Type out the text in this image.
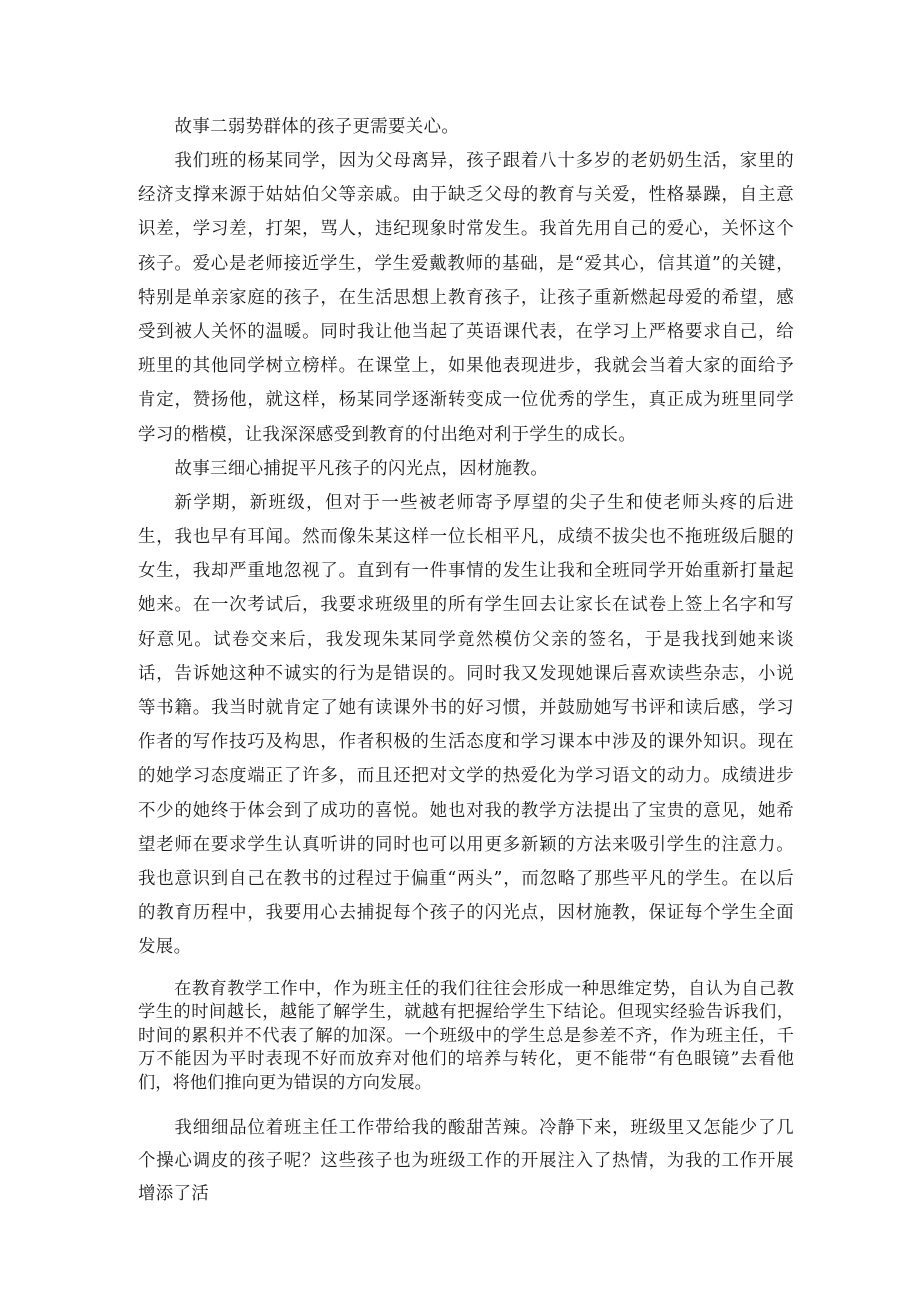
故事二弱势群体的孩子更需要关心。

我们班的杨某同学，因为父母离异，孩子跟着八十多岁的老奶奶生活，家里的经济支撑来源于姑姑伯父等亲戚。由于缺乏父母的教育与关爱，性格暴躁，自主意识差，学习差，打架，骂人，违纪现象时常发生。我首先用自己的爱心，关怀这个孩子。爱心是老师接近学生，学生爱戴教师的基础，是“爱其心，信其道”的关键，特别是单亲家庭的孩子，在生活思想上教育孩子，让孩子重新燃起母爱的希望，感受到被人关怀的温暖。同时我让他当起了英语课代表，在学习上严格要求自己，给班里的其他同学树立榜样。在课堂上，如果他表现进步，我就会当着大家的面给予肯定，赞扬他，就这样，杨某同学逐渐转变成一位优秀的学生，真正成为班里同学学习的楷模，让我深深感受到教育的付出绝对利于学生的成长。

故事三细心捕捉平凡孩子的闪光点，因材施教。

新学期，新班级，但对于一些被老师寄予厚望的尖子生和使老师头疼的后进生，我也早有耳闻。然而像朱某这样一位长相平凡，成绩不拔尖也不拖班级后腿的女生，我却严重地忽视了。直到有一件事情的发生让我和全班同学开始重新打量起她来。在一次考试后，我要求班级里的所有学生回去让家长在试卷上签上名字和写好意见。试卷交来后，我发现朱某同学竟然模仿父亲的签名，于是我找到她来谈话，告诉她这种不诚实的行为是错误的。同时我又发现她课后喜欢读些杂志，小说等书籍。我当时就肯定了她有读课外书的好习惯，并鼓励她写书评和读后感，学习作者的写作技巧及构思，作者积极的生活态度和学习课本中涉及的课外知识。现在的她学习态度端正了许多，而且还把对文学的热爱化为学习语文的动力。成绩进步不少的她终于体会到了成功的喜悦。她也对我的教学方法提出了宝贵的意见，她希望老师在要求学生认真听讲的同时也可以用更多新颖的方法来吸引学生的注意力。我也意识到自己在教书的过程过于偏重“两头”，而忽略了那些平凡的学生。在以后的教育历程中，我要用心去捕捉每个孩子的闪光点，因材施教，保证每个学生全面发展。

在教育教学工作中，作为班主任的我们往往会形成一种思维定势，自认为自己教学生的时间越长，越能了解学生，就越有把握给学生下结论。但现实经验告诉我们，时间的累积并不代表了解的加深。一个班级中的学生总是参差不齐，作为班主任，千万不能因为平时表现不好而放弃对他们的培养与转化，更不能带“有色眼镜”去看他们，将他们推向更为错误的方向发展。

我细细品位着班主任工作带给我的酸甜苦辣。冷静下来，班级里又怎能少了几个操心调皮的孩子呢？这些孩子也为班级工作的开展注入了热情，为我的工作开展增添了活
